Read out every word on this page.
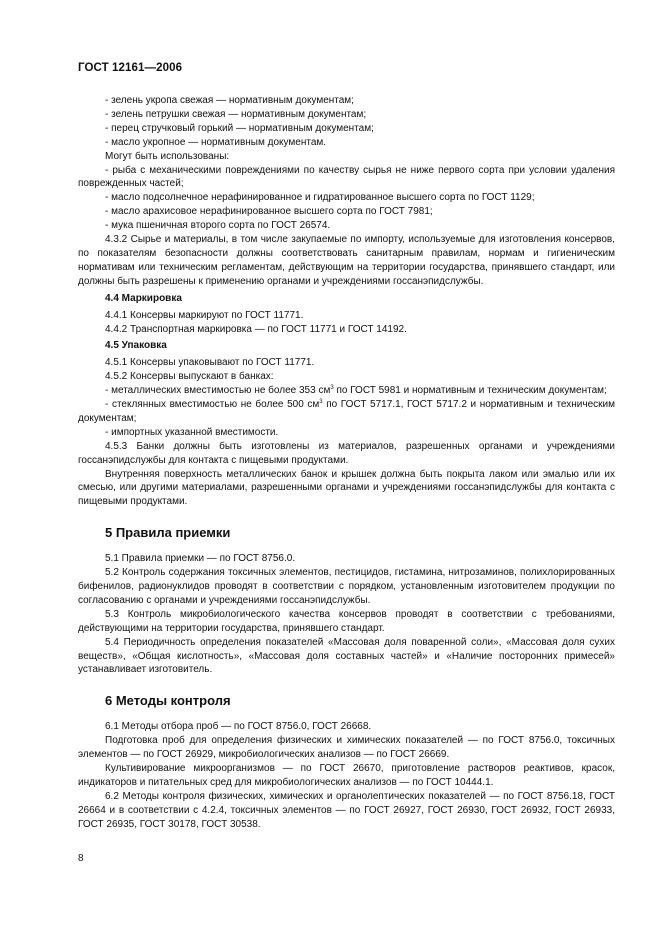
ГОСТ 12161—2006

- зелень укропа свежая — нормативным документам;

- зелень петрушки свежая — нормативным документам;

- перец стручковый горький — нормативным документам;

- масло укропное — нормативным документам.

Могут быть использованы:

- рыба с механическими повреждениями по качеству сырья не ниже первого сорта при условии удаления поврежденных частей;

- масло подсолнечное нерафинированное и гидратированное высшего сорта по ГОСТ 1129;

- масло арахисовое нерафинированное высшего сорта по ГОСТ 7981;

- мука пшеничная второго сорта по ГОСТ 26574.

4.3.2 Сырье и материалы, в том числе закупаемые по импорту, используемые для изготовления консервов, по показателям безопасности должны соответствовать санитарным правилам, нормам и гигиеническим нормативам или техническим регламентам, действующим на территории государства, принявшего стандарт, или должны быть разрешены к применению органами и учреждениями госсанэпидслужбы.

4.4 Маркировка

4.4.1 Консервы маркируют по ГОСТ 11771.

4.4.2 Транспортная маркировка — по ГОСТ 11771 и ГОСТ 14192.

4.5 Упаковка

4.5.1 Консервы упаковывают по ГОСТ 11771.

4.5.2 Консервы выпускают в банках:

- металлических вместимостью не более 353 $см^3$ по ГОСТ 5981 и нормативным и техническим документам;

- стеклянных вместимостью не более 500 $см^3$ по ГОСТ 5717.1, ГОСТ 5717.2 и нормативным и техническим документам;

- импортных указанной вместимости.

4.5.3 Банки должны быть изготовлены из материалов, разрешенных органами и учреждениями госсанэпидслужбы для контакта с пищевыми продуктами.

Внутренняя поверхность металлических банок и крышек должна быть покрыта лаком или эмалью или их смесью, или другими материалами, разрешенными органами и учреждениями госсанэпидслужбы для контакта с пищевыми продуктами.

5 Правила приемки

5.1 Правила приемки — по ГОСТ 8756.0.

5.2 Контроль содержания токсичных элементов, пестицидов, гистамина, нитрозаминов, полихлорированных бифенилов, радионуклидов проводят в соответствии с порядком, установленным изготовителем продукции по согласованию с органами и учреждениями госсанэпидслужбы.

5.3 Контроль микробиологического качества консервов проводят в соответствии с требованиями, действующими на территории государства, принявшего стандарт.

5.4 Периодичность определения показателей «Массовая доля поваренной соли», «Массовая доля сухих веществ», «Общая кислотность», «Массовая доля составных частей» и «Наличие посторонних примесей» устанавливает изготовитель.

6 Методы контроля

6.1 Методы отбора проб — по ГОСТ 8756.0, ГОСТ 26668.

Подготовка проб для определения физических и химических показателей — по ГОСТ 8756.0, токсичных элементов — по ГОСТ 26929, микробиологических анализов — по ГОСТ 26669.

Культивирование микроорганизмов — по ГОСТ 26670, приготовление растворов реактивов, красок, индикаторов и питательных сред для микробиологических анализов — по ГОСТ 10444.1.

6.2 Методы контроля физических, химических и органолептических показателей — по ГОСТ 8756.18, ГОСТ 26664 и в соответствии с 4.2.4, токсичных элементов — по ГОСТ 26927, ГОСТ 26930, ГОСТ 26932, ГОСТ 26933, ГОСТ 26935, ГОСТ 30178, ГОСТ 30538.

8
